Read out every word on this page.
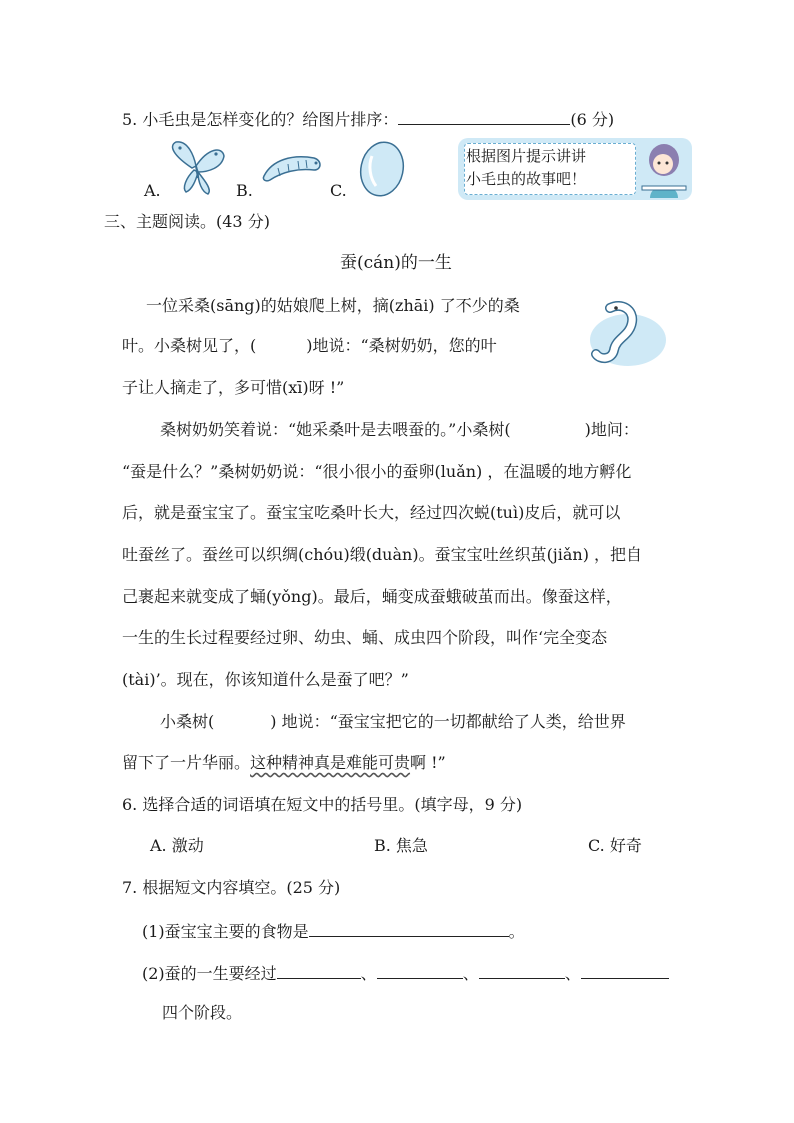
5. 小毛虫是怎样变化的？给图片排序：	(6 分)
A.	B.	C.
根据图片提示讲讲
小毛虫的故事吧！
三、主题阅读。(43 分)
蚕(cán)的一生
一位采桑(sāng)的姑娘爬上树，摘(zhāi) 了不少的桑
叶。小桑树见了，(	)地说：“桑树奶奶，您的叶
子让人摘走了，多可惜(xī)呀 !”
桑树奶奶笑着说：“她采桑叶是去喂蚕的。”小桑树(	)地问：
“蚕是什么？”桑树奶奶说：“很小很小的蚕卵(luǎn) ，在温暖的地方孵化
后，就是蚕宝宝了。蚕宝宝吃桑叶长大，经过四次蜕(tuì)皮后，就可以
吐蚕丝了。蚕丝可以织绸(chóu)缎(duàn)。蚕宝宝吐丝织茧(jiǎn) ，把自
己裹起来就变成了蛹(yǒng)。最后，蛹变成蚕蛾破茧而出。像蚕这样，
一生的生长过程要经过卵、幼虫、蛹、成虫四个阶段，叫作‘完全变态
(tài)’。现在，你该知道什么是蚕了吧？”
小桑树(	) 地说：“蚕宝宝把它的一切都献给了人类，给世界
留下了一片华丽。这种精神真是难能可贵啊 !”
6. 选择合适的词语填在短文中的括号里。(填字母，9 分)
A. 激动	B. 焦急	C. 好奇
7. 根据短文内容填空。(25 分)
(1)蚕宝宝主要的食物是	。
(2)蚕的一生要经过	、	、	、
四个阶段。
